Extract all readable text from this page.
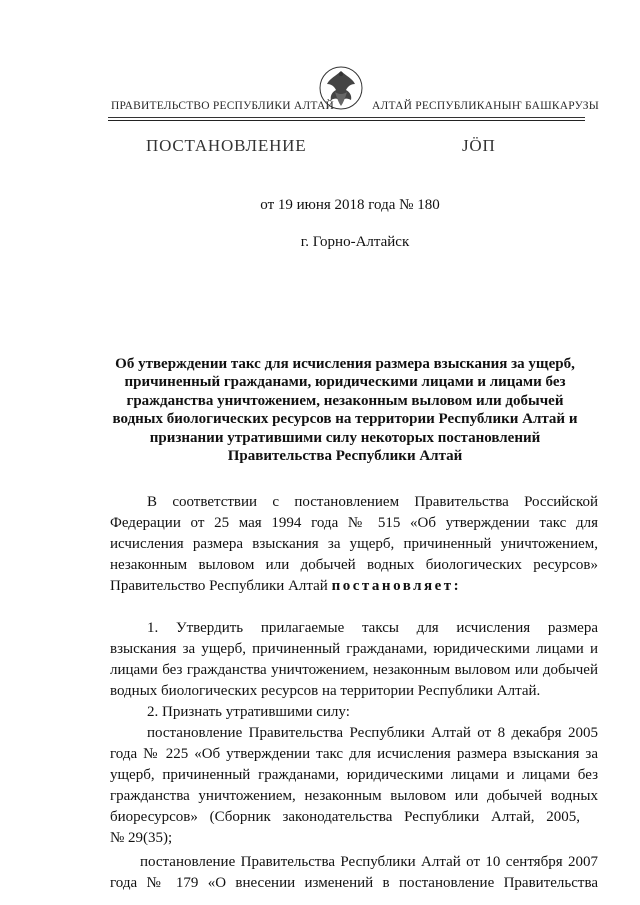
ПРАВИТЕЛЬСТВО РЕСПУБЛИКИ АЛТАЙ	АЛТАЙ РЕСПУБЛИКАНЫҤ БАШКАРУЗЫ
ПОСТАНОВЛЕНИЕ	ЈӦП
от 19 июня 2018 года № 180
г. Горно-Алтайск
Об утверждении такс для исчисления размера взыскания за ущерб,
причиненный гражданами, юридическими лицами и лицами без
гражданства уничтожением, незаконным выловом или добычей
водных биологических ресурсов на территории Республики Алтай и
признании утратившими силу некоторых постановлений
Правительства Республики Алтай
В соответствии с постановлением Правительства Российской
Федерации от 25 мая 1994 года № 515 «Об утверждении такс для
исчисления размера взыскания за ущерб, причиненный уничтожением,
незаконным выловом или добычей водных биологических ресурсов»
Правительство Республики Алтай постановляет:
1. Утвердить прилагаемые таксы для исчисления размера
взыскания за ущерб, причиненный гражданами, юридическими лицами и
лицами без гражданства уничтожением, незаконным выловом или добычей
водных биологических ресурсов на территории Республики Алтай.
2. Признать утратившими силу:
постановление Правительства Республики Алтай от 8 декабря 2005
года № 225 «Об утверждении такс для исчисления размера взыскания за
ущерб, причиненный гражданами, юридическими лицами и лицами без
гражданства уничтожением, незаконным выловом или добычей водных
биоресурсов» (Сборник законодательства Республики Алтай, 2005,
№ 29(35);
постановление Правительства Республики Алтай от 10 сентября 2007
года № 179 «О внесении изменений в постановление Правительства
